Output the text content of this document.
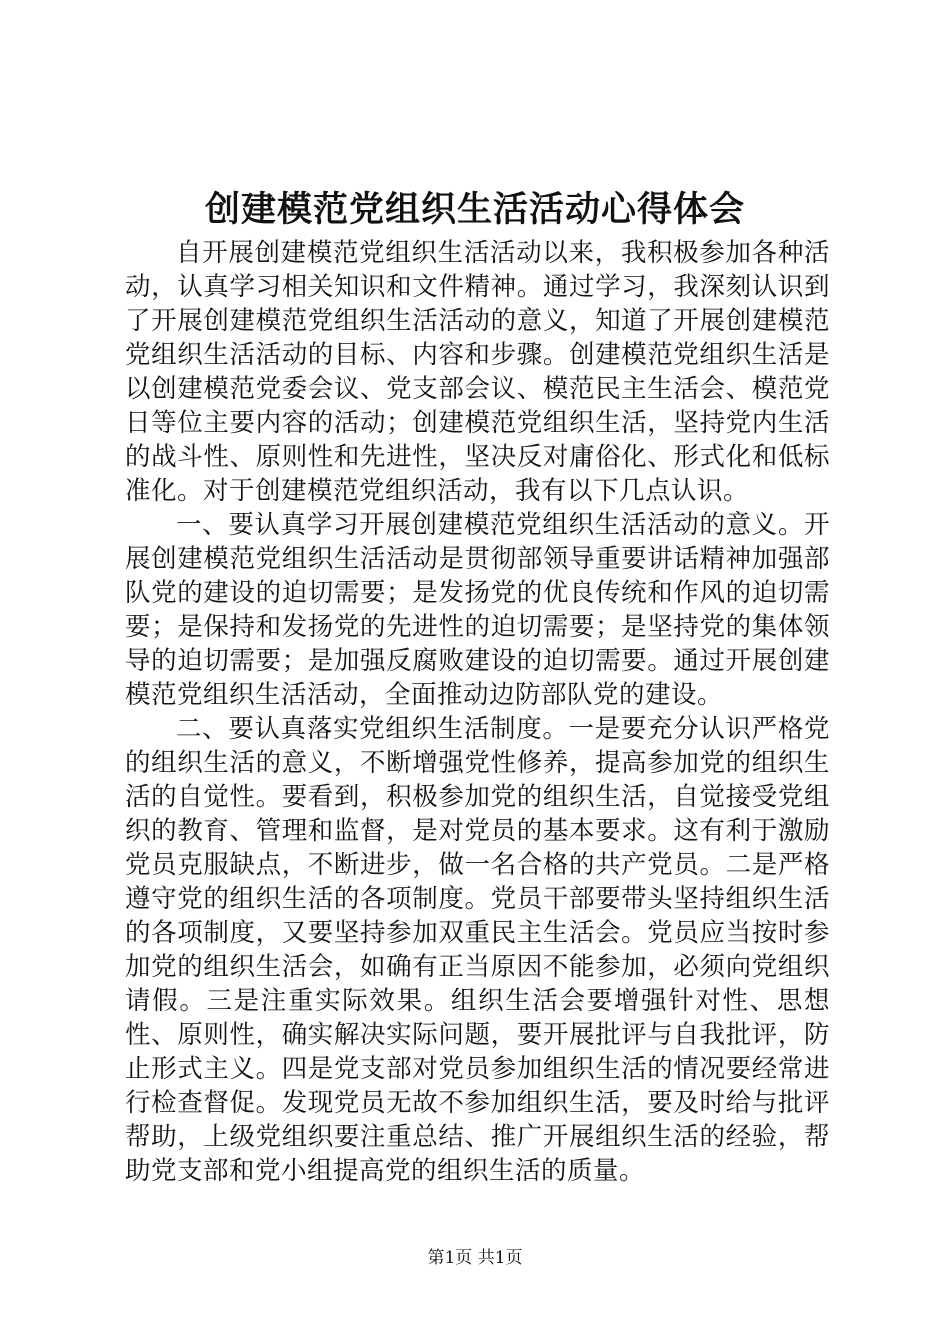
创建模范党组织生活活动心得体会

自开展创建模范党组织生活活动以来，我积极参加各种活动，认真学习相关知识和文件精神。通过学习，我深刻认识到了开展创建模范党组织生活活动的意义，知道了开展创建模范党组织生活活动的目标、内容和步骤。创建模范党组织生活是以创建模范党委会议、党支部会议、模范民主生活会、模范党日等位主要内容的活动；创建模范党组织生活，坚持党内生活的战斗性、原则性和先进性，坚决反对庸俗化、形式化和低标准化。对于创建模范党组织活动，我有以下几点认识。

一、要认真学习开展创建模范党组织生活活动的意义。开展创建模范党组织生活活动是贯彻部领导重要讲话精神加强部队党的建设的迫切需要；是发扬党的优良传统和作风的迫切需要；是保持和发扬党的先进性的迫切需要；是坚持党的集体领导的迫切需要；是加强反腐败建设的迫切需要。通过开展创建模范党组织生活活动，全面推动边防部队党的建设。

二、要认真落实党组织生活制度。一是要充分认识严格党的组织生活的意义，不断增强党性修养，提高参加党的组织生活的自觉性。要看到，积极参加党的组织生活，自觉接受党组织的教育、管理和监督，是对党员的基本要求。这有利于激励党员克服缺点，不断进步，做一名合格的共产党员。二是严格遵守党的组织生活的各项制度。党员干部要带头坚持组织生活的各项制度，又要坚持参加双重民主生活会。党员应当按时参加党的组织生活会，如确有正当原因不能参加，必须向党组织请假。三是注重实际效果。组织生活会要增强针对性、思想性、原则性，确实解决实际问题，要开展批评与自我批评，防止形式主义。四是党支部对党员参加组织生活的情况要经常进行检查督促。发现党员无故不参加组织生活，要及时给与批评帮助，上级党组织要注重总结、推广开展组织生活的经验，帮助党支部和党小组提高党的组织生活的质量。

第1页 共1页
